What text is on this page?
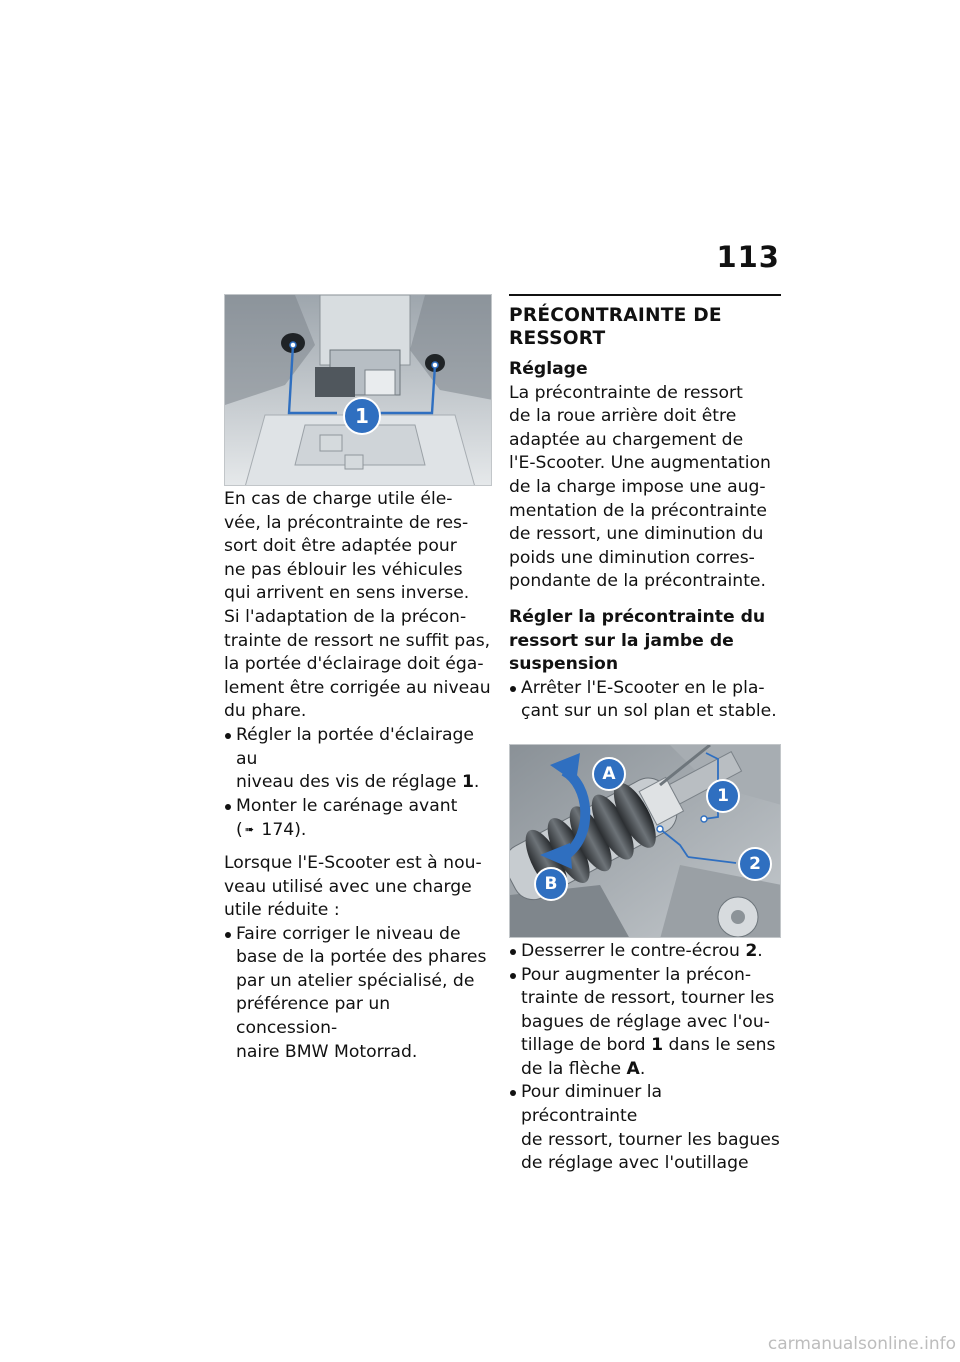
113
1

En cas de charge utile éle-
vée, la précontrainte de res-
sort doit être adaptée pour
ne pas éblouir les véhicules
qui arrivent en sens inverse.
Si l'adaptation de la précon-
trainte de ressort ne suffit pas,
la portée d'éclairage doit éga-
lement être corrigée au niveau
du phare.

Régler la portée d'éclairage au
niveau des vis de réglage 1.
Monter le carénage avant
( ➠ 174).

Lorsque l'E-Scooter est à nou-
veau utilisé avec une charge
utile réduite :

Faire corriger le niveau de
base de la portée des phares
par un atelier spécialisé, de
préférence par un concession-
naire BMW Motorrad.
PRÉCONTRAINTE DE
RESSORT
Réglage

La précontrainte de ressort
de la roue arrière doit être
adaptée au chargement de
l'E-Scooter. Une augmentation
de la charge impose une aug-
mentation de la précontrainte
de ressort, une diminution du
poids une diminution corres-
pondante de la précontrainte.

Régler la précontrainte du
ressort sur la jambe de
suspension
Arrêter l'E-Scooter en le pla-
çant sur un sol plan et stable.
A
B
1
2
Desserrer le contre-écrou 2.
Pour augmenter la précon-
trainte de ressort, tourner les
bagues de réglage avec l'ou-
tillage de bord 1 dans le sens
de la flèche A.
Pour diminuer la précontrainte
de ressort, tourner les bagues
de réglage avec l'outillage
carmanualsonline.info
